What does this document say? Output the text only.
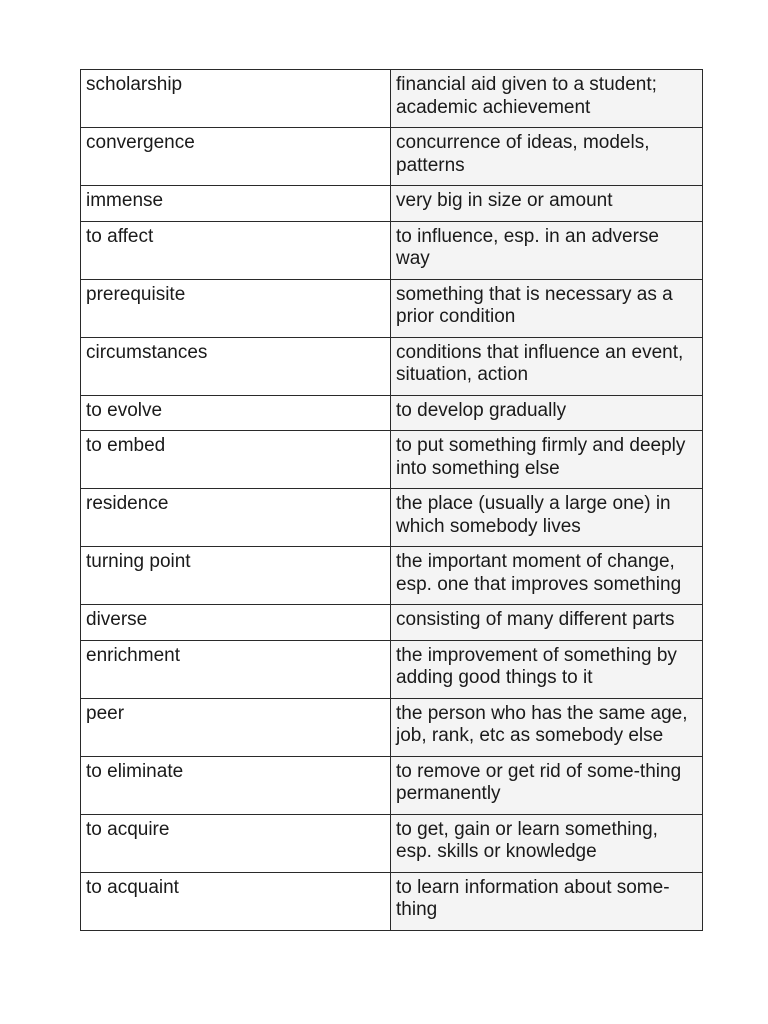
scholarship	financial aid given to a student; academic achievement
convergence	concurrence of ideas, models, patterns
immense	very big in size or amount
to affect	to influence, esp. in an adverse way
prerequisite	something that is necessary as a prior condition
circumstances	conditions that influence an event, situation, action
to evolve	to develop gradually
to embed	to put something firmly and deeply into something else
residence	the place (usually a large one) in which somebody lives
turning point	the important moment of change, esp. one that improves something
diverse	consisting of many different parts
enrichment	the improvement of something by adding good things to it
peer	the person who has the same age, job, rank, etc as somebody else
to eliminate	to remove or get rid of some-thing permanently
to acquire	to get, gain or learn something, esp. skills or knowledge
to acquaint	to learn information about some-thing
